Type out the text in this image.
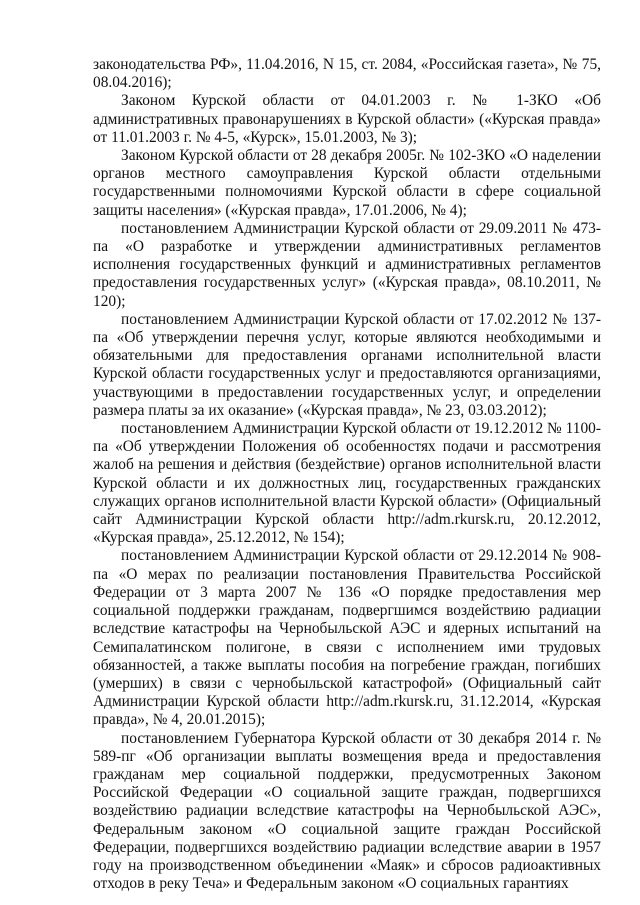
законодательства РФ», 11.04.2016, N 15, ст. 2084, «Российская газета», № 75, 08.04.2016);

Законом Курской области от 04.01.2003 г. № 1-ЗКО «Об административных правонарушениях в Курской области» («Курская правда» от 11.01.2003 г. № 4-5, «Курск», 15.01.2003, № 3);

Законом Курской области от 28 декабря 2005г. № 102-ЗКО «О наделении органов местного самоуправления Курской области отдельными государственными полномочиями Курской области в сфере социальной защиты населения» («Курская правда», 17.01.2006, № 4);

постановлением Администрации Курской области от 29.09.2011 № 473-па «О разработке и утверждении административных регламентов исполнения государственных функций и административных регламентов предоставления государственных услуг» («Курская правда», 08.10.2011, № 120);

постановлением Администрации Курской области от 17.02.2012 № 137-па «Об утверждении перечня услуг, которые являются необходимыми и обязательными для предоставления органами исполнительной власти Курской области государственных услуг и предоставляются организациями, участвующими в предоставлении государственных услуг, и определении размера платы за их оказание» («Курская правда», № 23, 03.03.2012);

постановлением Администрации Курской области от 19.12.2012 № 1100-па «Об утверждении Положения об особенностях подачи и рассмотрения жалоб на решения и действия (бездействие) органов исполнительной власти Курской области и их должностных лиц, государственных гражданских служащих органов исполнительной власти Курской области» (Официальный сайт Администрации Курской области http://adm.rkursk.ru, 20.12.2012, «Курская правда», 25.12.2012, № 154);

постановлением Администрации Курской области от 29.12.2014 № 908-па «О мерах по реализации постановления Правительства Российской Федерации от 3 марта 2007 № 136 «О порядке предоставления мер социальной поддержки гражданам, подвергшимся воздействию радиации вследствие катастрофы на Чернобыльской АЭС и ядерных испытаний на Семипалатинском полигоне, в связи с исполнением ими трудовых обязанностей, а также выплаты пособия на погребение граждан, погибших (умерших) в связи с чернобыльской катастрофой» (Официальный сайт Администрации Курской области http://adm.rkursk.ru, 31.12.2014, «Курская правда», № 4, 20.01.2015);

постановлением Губернатора Курской области от 30 декабря 2014 г. № 589-пг «Об организации выплаты возмещения вреда и предоставления гражданам мер социальной поддержки, предусмотренных Законом Российской Федерации «О социальной защите граждан, подвергшихся воздействию радиации вследствие катастрофы на Чернобыльской АЭС», Федеральным законом «О социальной защите граждан Российской Федерации, подвергшихся воздействию радиации вследствие аварии в 1957 году на производственном объединении «Маяк» и сбросов радиоактивных отходов в реку Теча» и Федеральным законом «О социальных гарантиях
